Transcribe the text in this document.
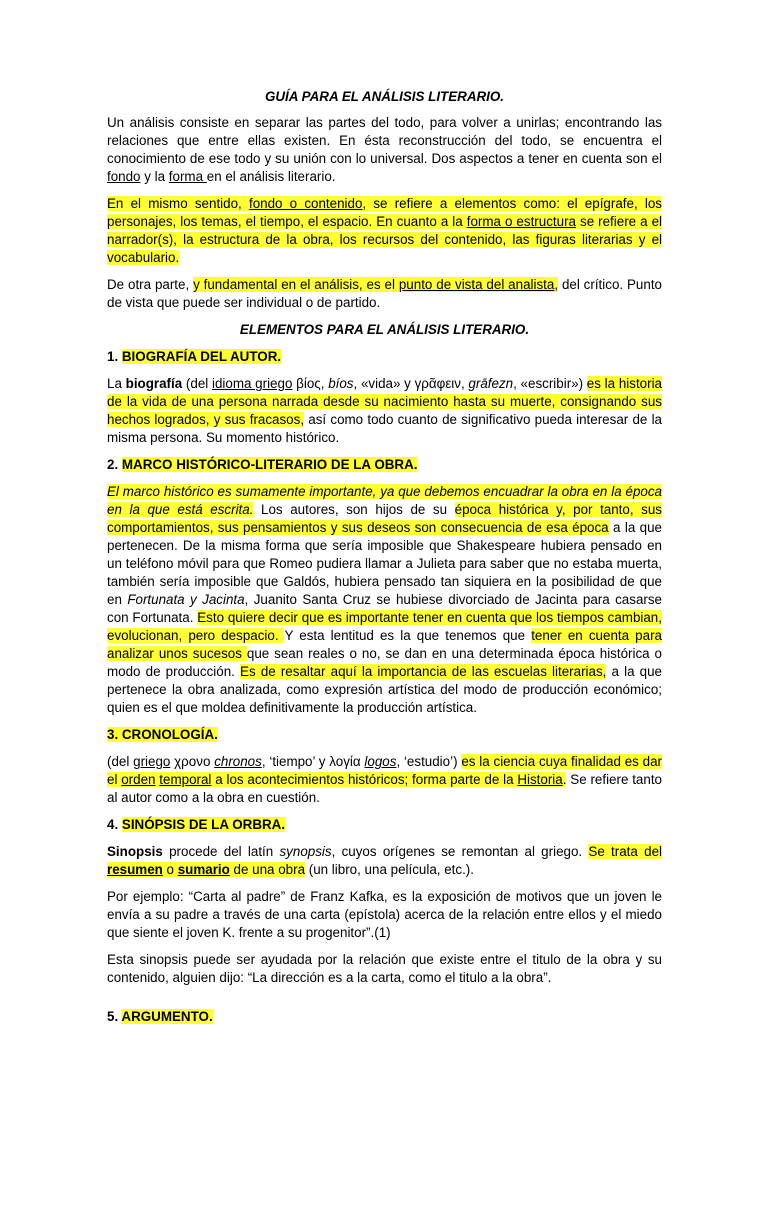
GUÍA PARA EL ANÁLISIS LITERARIO.

Un análisis consiste en separar las partes del todo, para volver a unirlas; encontrando las relaciones que entre ellas existen. En ésta reconstrucción del todo, se encuentra el conocimiento de ese todo y su unión con lo universal. Dos aspectos a tener en cuenta son el fondo y la forma en el análisis literario.

En el mismo sentido, fondo o contenido, se refiere a elementos como: el epígrafe, los personajes, los temas, el tiempo, el espacio. En cuanto a la forma o estructura se refiere a el narrador(s), la estructura de la obra, los recursos del contenido, las figuras literarias y el vocabulario.

De otra parte, y fundamental en el análisis, es el punto de vista del analista, del crítico. Punto de vista que puede ser individual o de partido.

ELEMENTOS PARA EL ANÁLISIS LITERARIO.
1. BIOGRAFÍA DEL AUTOR.

La biografía (del idioma griego βίος, bíos, «vida» y γρᾶφειν, grāfezn, «escribir») es la historia de la vida de una persona narrada desde su nacimiento hasta su muerte, consignando sus hechos logrados, y sus fracasos, así como todo cuanto de significativo pueda interesar de la misma persona. Su momento histórico.

2. MARCO HISTÓRICO-LITERARIO DE LA OBRA.

El marco histórico es sumamente importante, ya que debemos encuadrar la obra en la época en la que está escrita. Los autores, son hijos de su época histórica y, por tanto, sus comportamientos, sus pensamientos y sus deseos son consecuencia de esa época a la que pertenecen. De la misma forma que sería imposible que Shakespeare hubiera pensado en un teléfono móvil para que Romeo pudiera llamar a Julieta para saber que no estaba muerta, también sería imposible que Galdós, hubiera pensado tan siquiera en la posibilidad de que en Fortunata y Jacinta, Juanito Santa Cruz se hubiese divorciado de Jacinta para casarse con Fortunata. Esto quiere decir que es importante tener en cuenta que los tiempos cambian, evolucionan, pero despacio. Y esta lentitud es la que tenemos que tener en cuenta para analizar unos sucesos que sean reales o no, se dan en una determinada época histórica o modo de producción. Es de resaltar aquí la importancia de las escuelas literarias, a la que pertenece la obra analizada, como expresión artística del modo de producción económico; quien es el que moldea definitivamente la producción artística.

3. CRONOLOGÍA.

(del griego χρονο chronos, ‘tiempo’ y λογία logos, ‘estudio’) es la ciencia cuya finalidad es dar el orden temporal a los acontecimientos históricos; forma parte de la Historia. Se refiere tanto al autor como a la obra en cuestión.

4. SINÓPSIS DE LA ORBRA.

Sinopsis procede del latín synopsis, cuyos orígenes se remontan al griego. Se trata del resumen o sumario de una obra (un libro, una película, etc.).

Por ejemplo: “Carta al padre” de Franz Kafka, es la exposición de motivos que un joven le envía a su padre a través de una carta (epístola) acerca de la relación entre ellos y el miedo que siente el joven K. frente a su progenitor”.(1)

Esta sinopsis puede ser ayudada por la relación que existe entre el titulo de la obra y su contenido, alguien dijo: “La dirección es a la carta, como el titulo a la obra”.

5. ARGUMENTO.
